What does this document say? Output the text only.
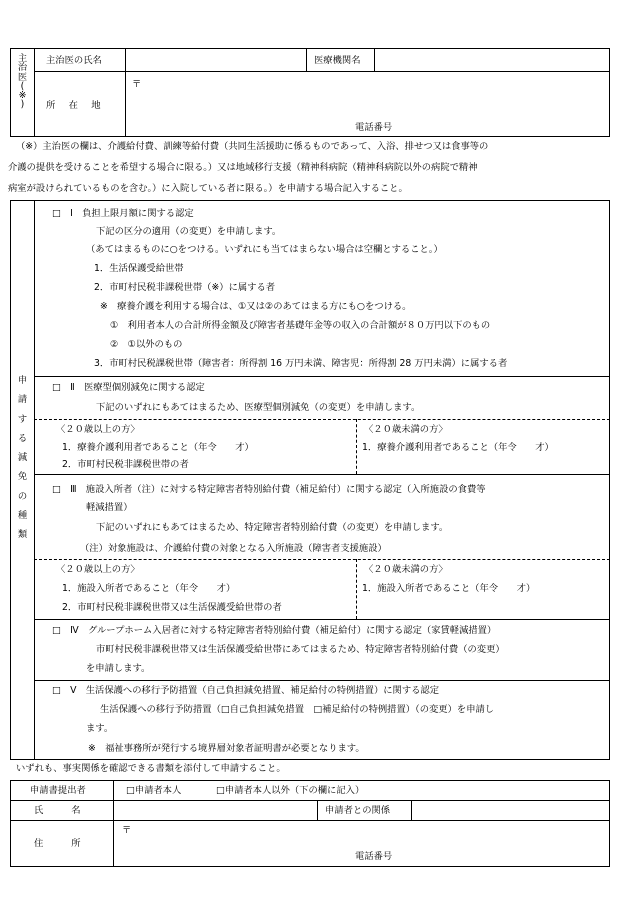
主
治
医
(
※
)
主治医の氏名	医療機関名
所　在　地
〒
電話番号
（※）主治医の欄は、介護給付費、訓練等給付費（共同生活援助に係るものであって、入浴、排せつ又は食事等の
介護の提供を受けることを希望する場合に限る。）又は地域移行支援（精神科病院（精神科病院以外の病院で精神
病室が設けられているものを含む。）に入院している者に限る。）を申請する場合記入すること。
申
請
す
る
減
免
の
種
類
□　Ⅰ　負担上限月額に関する認定
下記の区分の適用（の変更）を申請します。
（あてはまるものに○をつける。いずれにも当てはまらない場合は空欄とすること。）
1．生活保護受給世帯
2．市町村民税非課税世帯（※）に属する者
※　療養介護を利用する場合は、①又は②のあてはまる方にも○をつける。
①　利用者本人の合計所得金額及び障害者基礎年金等の収入の合計額が８０万円以下のもの
②　①以外のもの
3．市町村民税課税世帯（障害者：所得割 16 万円未満、障害児：所得割 28 万円未満）に属する者
□　Ⅱ　医療型個別減免に関する認定
下記のいずれにもあてはまるため、医療型個別減免（の変更）を申請します。
〈２０歳以上の方〉
1．療養介護利用者であること（年令　　才）
2．市町村民税非課税世帯の者
〈２０歳未満の方〉
1．療養介護利用者であること（年令　　才）
□　Ⅲ　施設入所者（注）に対する特定障害者特別給付費（補足給付）に関する認定（入所施設の食費等
軽減措置）
下記のいずれにもあてはまるため、特定障害者特別給付費（の変更）を申請します。
（注）対象施設は、介護給付費の対象となる入所施設（障害者支援施設）
〈２０歳以上の方〉
1．施設入所者であること（年令　　才）
2．市町村民税非課税世帯又は生活保護受給世帯の者
〈２０歳未満の方〉
1．施設入所者であること（年令　　才）
□　Ⅳ　グループホーム入居者に対する特定障害者特別給付費（補足給付）に関する認定（家賃軽減措置）
市町村民税非課税世帯又は生活保護受給世帯にあてはまるため、特定障害者特別給付費（の変更）
を申請します。
□　Ⅴ　生活保護への移行予防措置（自己負担減免措置、補足給付の特例措置）に関する認定
生活保護への移行予防措置（□自己負担減免措置　□補足給付の特例措置）（の変更）を申請し
ます。
※　福祉事務所が発行する境界層対象者証明書が必要となります。
いずれも、事実関係を確認できる書類を添付して申請すること。
申請書提出者	□申請者本人	□申請者本人以外（下の欄に記入）
氏　　　名	申請者との関係
住　　　所
〒
電話番号
